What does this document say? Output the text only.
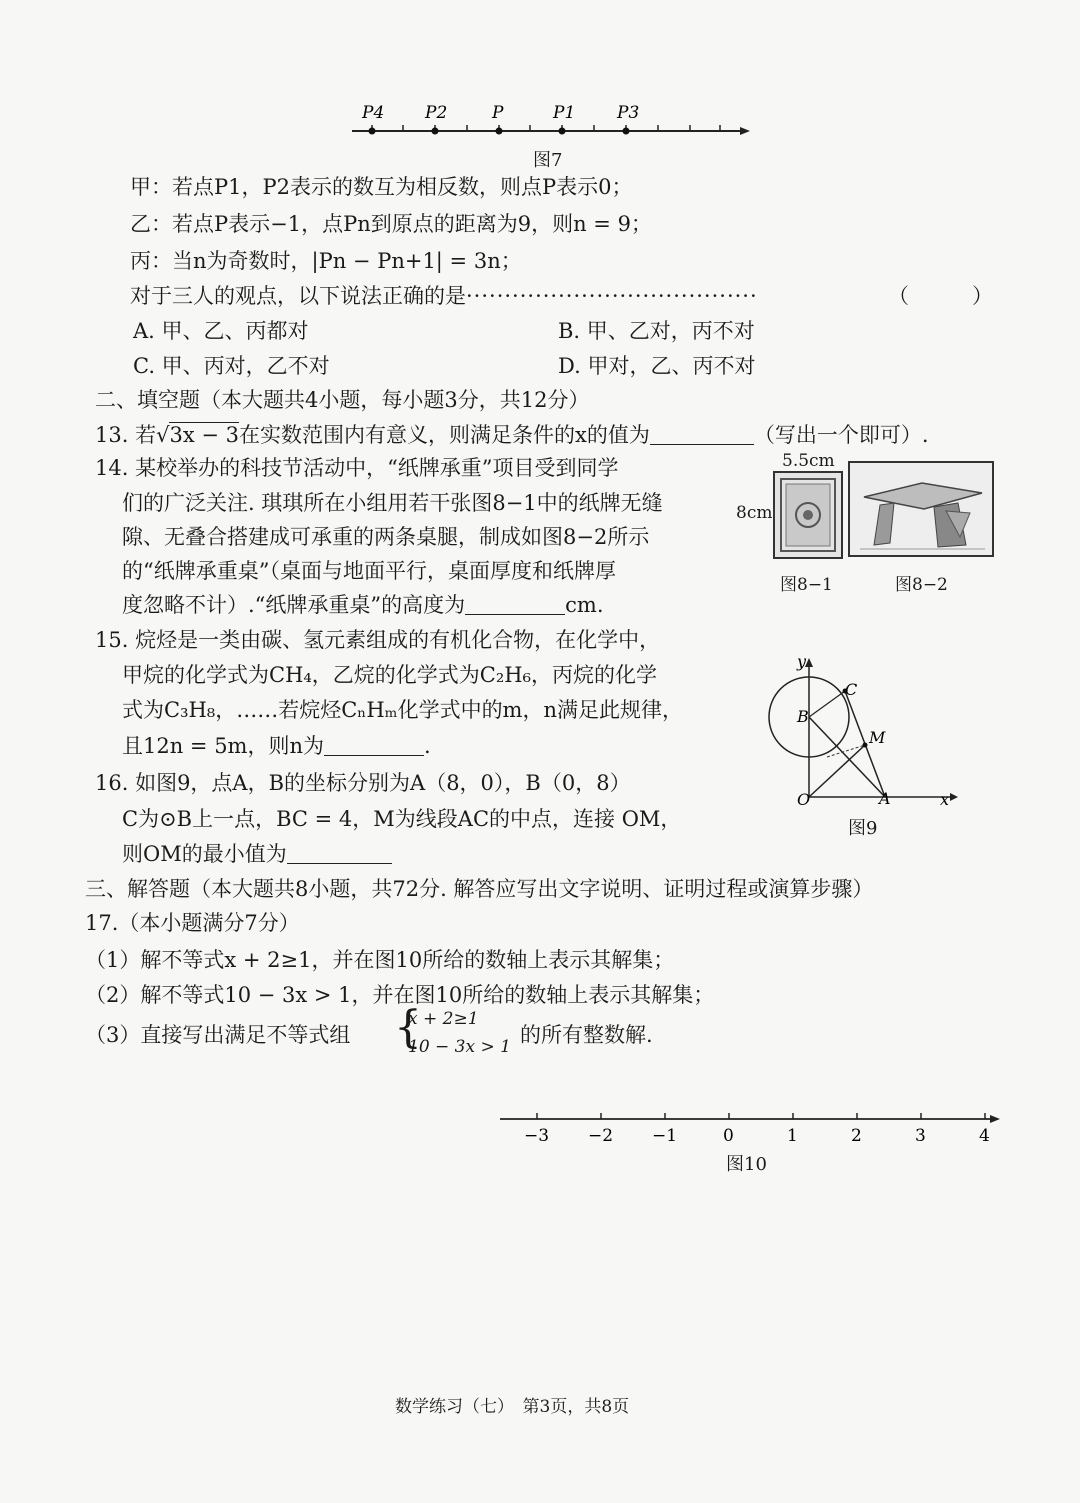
P4 P2	P	P1 P3
图7
甲：若点P1，P2表示的数互为相反数，则点P表示0；
乙：若点P表示−1，点Pn到原点的距离为9，则n = 9；
丙：当n为奇数时，|Pn − Pn+1| = 3n；
对于三人的观点，以下说法正确的是······································	（　　　）
A. 甲、乙、丙都对	B. 甲、乙对，丙不对
C. 甲、丙对，乙不对	D. 甲对，乙、丙不对
二、填空题（本大题共4小题，每小题3分，共12分）
13. 若√3x − 3在实数范围内有意义，则满足条件的x的值为	（写出一个即可）.
14. 某校举办的科技节活动中，“纸牌承重”项目受到同学
们的广泛关注. 琪琪所在小组用若干张图8−1中的纸牌无缝
隙、无叠合搭建成可承重的两条桌腿，制成如图8−2所示
的“纸牌承重桌”（桌面与地面平行，桌面厚度和纸牌厚
度忽略不计）.“纸牌承重桌”的高度为	cm.
5.5cm
8cm
图8−1	图8−2
15. 烷烃是一类由碳、氢元素组成的有机化合物，在化学中，
甲烷的化学式为CH₄，乙烷的化学式为C₂H₆，丙烷的化学
式为C₃H₈，……若烷烃CₙHₘ化学式中的m，n满足此规律，
且12n = 5m，则n为	.
16. 如图9，点A，B的坐标分别为A（8，0），B（0，8）
C为⊙B上一点，BC = 4，M为线段AC的中点，连接 OM，
则OM的最小值为
y
x
O	A
B
C
M
图9
三、解答题（本大题共8小题，共72分. 解答应写出文字说明、证明过程或演算步骤）
17.（本小题满分7分）
（1）解不等式x + 2≥1，并在图10所给的数轴上表示其解集；
（2）解不等式10 − 3x > 1，并在图10所给的数轴上表示其解集；
（3）直接写出满足不等式组 {
x + 2≥1
10 − 3x > 1 的所有整数解.
−3 −2 −1	0	1	2	3	4
图10
数学练习（七）　第3页，共8页
